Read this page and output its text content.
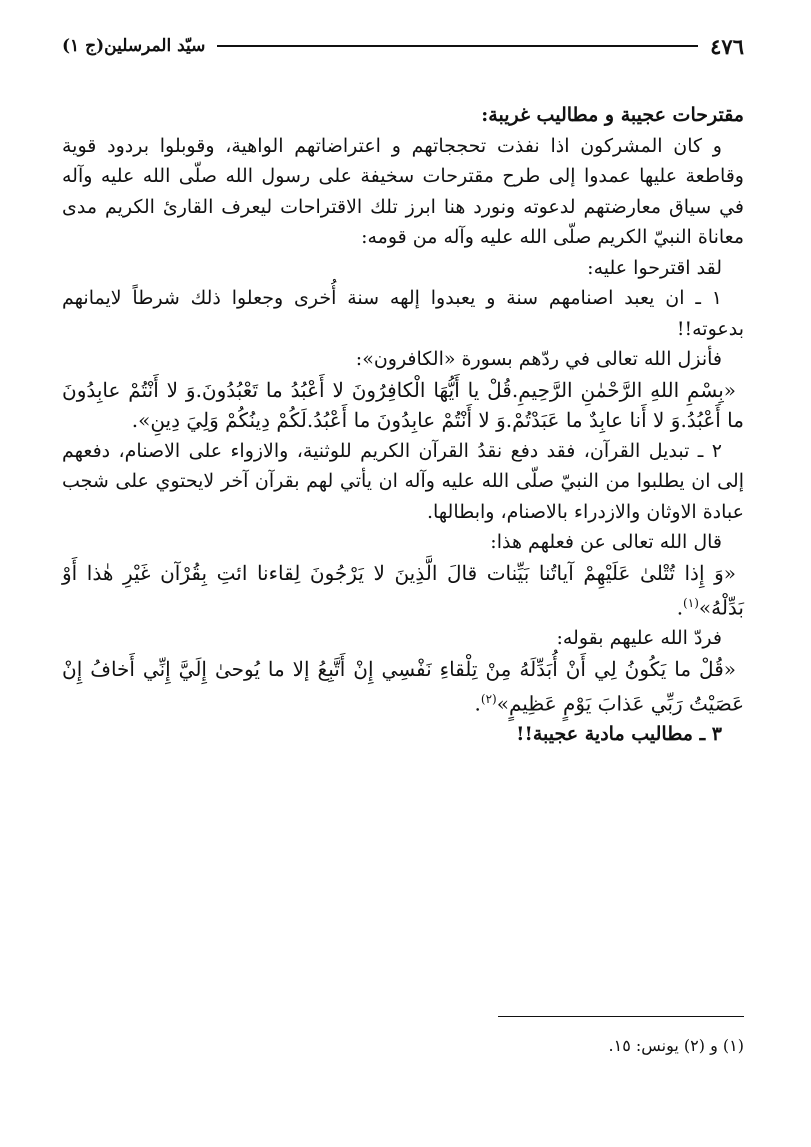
٤٧٦
سيّد المرسلين(ج ١)

مقترحات عجيبة و مطاليب غريبة:

و كان المشركون اذا نفذت تحججاتهم و اعتراضاتهم الواهية، وقوبلوا بردود قوية وقاطعة عليها عمدوا إلى طرح مقترحات سخيفة على رسول الله صلّى الله عليه وآله في سياق معارضتهم لدعوته ونورد هنا ابرز تلك الاقتراحات ليعرف القارئ الكريم مدى معاناة النبيّ الكريم صلّى الله عليه وآله من قومه:

لقد اقترحوا عليه:

١ ـ ان يعبد اصنامهم سنة و يعبدوا إلهه سنة أُخرى وجعلوا ذلك شرطاً لايمانهم بدعوته!!

فأنزل الله تعالى في ردّهم بسورة «الكافرون»:

«بِسْمِ اللهِ الرَّحْمٰنِ الرَّحِيمِ.قُلْ يا أَيُّهَا الْكافِرُونَ لا أَعْبُدُ ما تَعْبُدُونَ.وَ لا أَنْتُمْ عابِدُونَ ما أَعْبُدُ.وَ لا أَنا عابِدٌ ما عَبَدْتُمْ.وَ لا أَنْتُمْ عابِدُونَ ما أَعْبُدُ.لَكُمْ دِينُكُمْ وَلِيَ دِينِ».

٢ ـ تبديل القرآن، فقد دفع نقدُ القرآن الكريم للوثنية، والازواء على الاصنام، دفعهم إلى ان يطلبوا من النبيّ صلّى الله عليه وآله ان يأتي لهم بقرآن آخر لايحتوي على شجب عبادة الاوثان والازدراء بالاصنام، وابطالها.

قال الله تعالى عن فعلهم هذا:

«وَ إِذا تُتْلىٰ عَلَيْهِمْ آياتُنا بَيِّنات قالَ الَّذِينَ لا يَرْجُونَ لِقاءنا ائتِ بِقُرْآن غَيْرِ هٰذا أَوْ بَدِّلْهُ»$^{(١)}$.

فردّ الله عليهم بقوله:

«قُلْ ما يَكُونُ لِي أَنْ أُبَدِّلَهُ مِنْ تِلْقاءِ نَفْسِي إِنْ أَتَّبِعُ إلا ما يُوحىٰ إِلَيَّ إِنِّي أَخافُ إِنْ عَصَيْتُ رَبِّي عَذابَ يَوْمٍ عَظِيمٍ»$^{(٢)}$.

٣ ـ مطاليب مادية عجيبة!!

(١) و (٢) يونس: ١٥.
